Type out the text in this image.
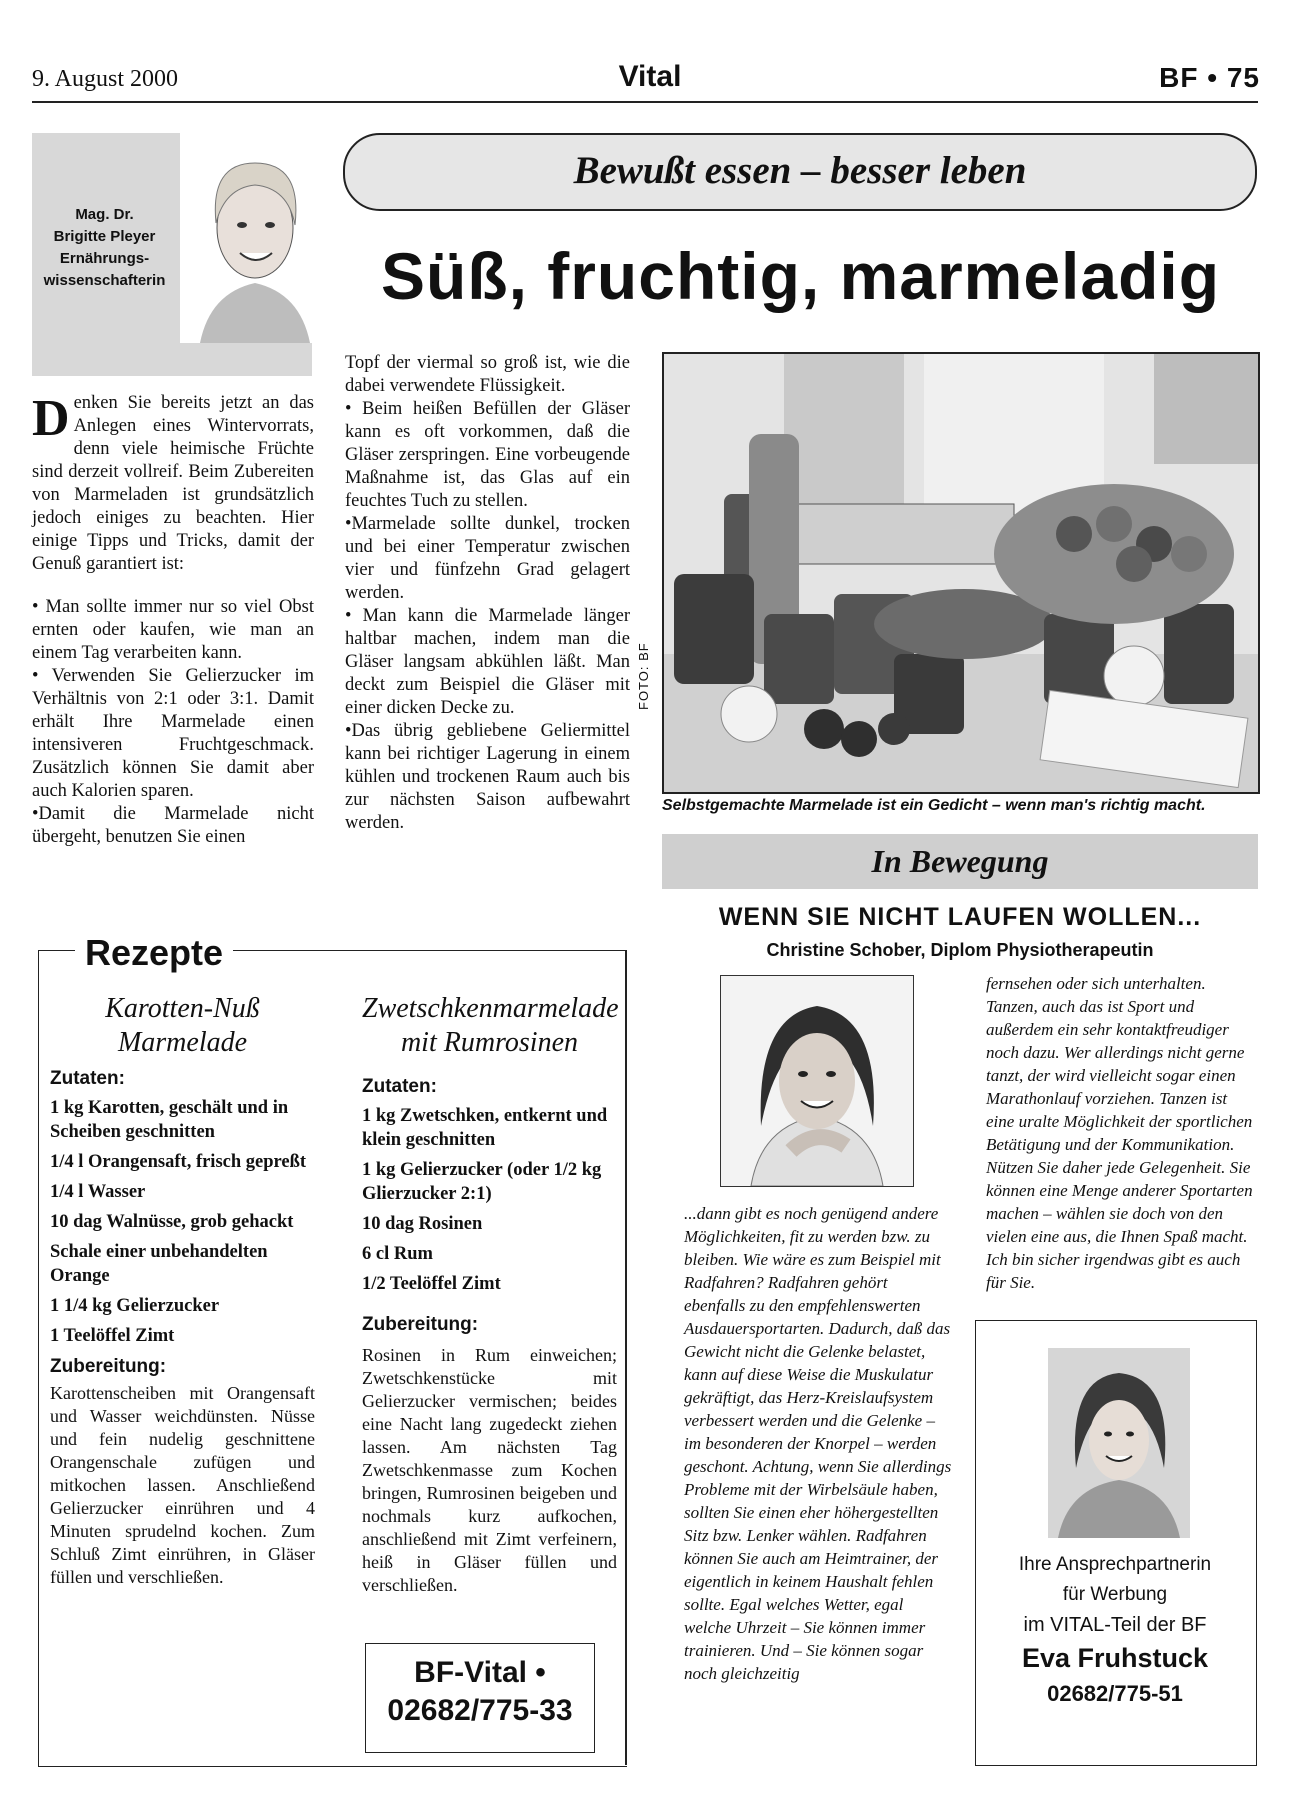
9. August 2000	Vital	BF • 75
Mag. Dr.
Brigitte Pleyer
Ernährungs-
wissenschafterin
Bewußt essen – besser leben
Süß, fruchtig, marmeladig

Denken Sie bereits jetzt an das Anlegen eines Wintervorrats, denn viele heimische Früchte sind derzeit vollreif. Beim Zubereiten von Marmeladen ist grundsätzlich jedoch einiges zu beachten. Hier einige Tipps und Tricks, damit der Genuß garantiert ist:

• Man sollte immer nur so viel Obst ernten oder kaufen, wie man an einem Tag verarbeiten kann.

• Verwenden Sie Gelierzucker im Verhältnis von 2:1 oder 3:1. Damit erhält Ihre Marmelade einen intensiveren Fruchtgeschmack. Zusätzlich können Sie damit aber auch Kalorien sparen.

•Damit die Marmelade nicht übergeht, benutzen Sie einen

Topf der viermal so groß ist, wie die dabei verwendete Flüssigkeit.

• Beim heißen Befüllen der Gläser kann es oft vorkommen, daß die Gläser zerspringen. Eine vorbeugende Maßnahme ist, das Glas auf ein feuchtes Tuch zu stellen.

•Marmelade sollte dunkel, trocken und bei einer Temperatur zwischen vier und fünfzehn Grad gelagert werden.

• Man kann die Marmelade länger haltbar machen, indem man die Gläser langsam abkühlen läßt. Man deckt zum Beispiel die Gläser mit einer dicken Decke zu.

•Das übrig gebliebene Geliermittel kann bei richtiger Lagerung in einem kühlen und trockenen Raum auch bis zur nächsten Saison aufbewahrt werden.

FOTO: BF
Selbstgemachte Marmelade ist ein Gedicht – wenn man's richtig macht.
In Bewegung
WENN SIE NICHT LAUFEN WOLLEN...
Christine Schober, Diplom Physiotherapeutin
...dann gibt es noch genügend andere Möglichkeiten, fit zu werden bzw. zu bleiben. Wie wäre es zum Beispiel mit Radfahren? Radfahren gehört ebenfalls zu den empfehlenswerten Ausdauersportarten. Dadurch, daß das Gewicht nicht die Gelenke belastet, kann auf diese Weise die Muskulatur gekräftigt, das Herz-Kreislaufsystem verbessert werden und die Gelenke – im besonderen der Knorpel – werden geschont. Achtung, wenn Sie allerdings Probleme mit der Wirbelsäule haben, sollten Sie einen eher höhergestellten Sitz bzw. Lenker wählen. Radfahren können Sie auch am Heimtrainer, der eigentlich in keinem Haushalt fehlen sollte. Egal welches Wetter, egal welche Uhrzeit – Sie können immer trainieren. Und – Sie können sogar noch gleichzeitig
fernsehen oder sich unterhalten. Tanzen, auch das ist Sport und außerdem ein sehr kontaktfreudiger noch dazu. Wer allerdings nicht gerne tanzt, der wird vielleicht sogar einen Marathonlauf vorziehen. Tanzen ist eine uralte Möglichkeit der sportlichen Betätigung und der Kommunikation. Nützen Sie daher jede Gelegenheit. Sie können eine Menge anderer Sportarten machen – wählen sie doch von den vielen eine aus, die Ihnen Spaß macht. Ich bin sicher irgendwas gibt es auch für Sie.
Rezepte
Karotten-Nuß
Marmelade
Zutaten:
1 kg Karotten, geschält und in Scheiben geschnitten
1/4 l Orangensaft, frisch gepreßt
1/4 l Wasser
10 dag Walnüsse, grob gehackt
Schale einer unbehandelten Orange
1 1/4 kg Gelierzucker
1 Teelöffel Zimt
Zubereitung:
Karottenscheiben mit Orangensaft und Wasser weichdünsten. Nüsse und fein nudelig geschnittene Orangenschale zufügen und mitkochen lassen. Anschließend Gelierzucker einrühren und 4 Minuten sprudelnd kochen. Zum Schluß Zimt einrühren, in Gläser füllen und verschließen.
Zwetschkenmarmelade
mit Rumrosinen
Zutaten:
1 kg Zwetschken, entkernt und klein geschnitten
1 kg Gelierzucker (oder 1/2 kg Glierzucker 2:1)
10 dag Rosinen
6 cl Rum
1/2 Teelöffel Zimt
Zubereitung:
Rosinen in Rum einweichen; Zwetschkenstücke mit Gelierzucker vermischen; beides eine Nacht lang zugedeckt ziehen lassen. Am nächsten Tag Zwetschkenmasse zum Kochen bringen, Rumrosinen beigeben und nochmals kurz aufkochen, anschließend mit Zimt verfeinern, heiß in Gläser füllen und verschließen.
BF-Vital •
02682/775-33
Ihre Ansprechpartnerin
für Werbung
im VITAL-Teil der BF
Eva Fruhstuck
02682/775-51
